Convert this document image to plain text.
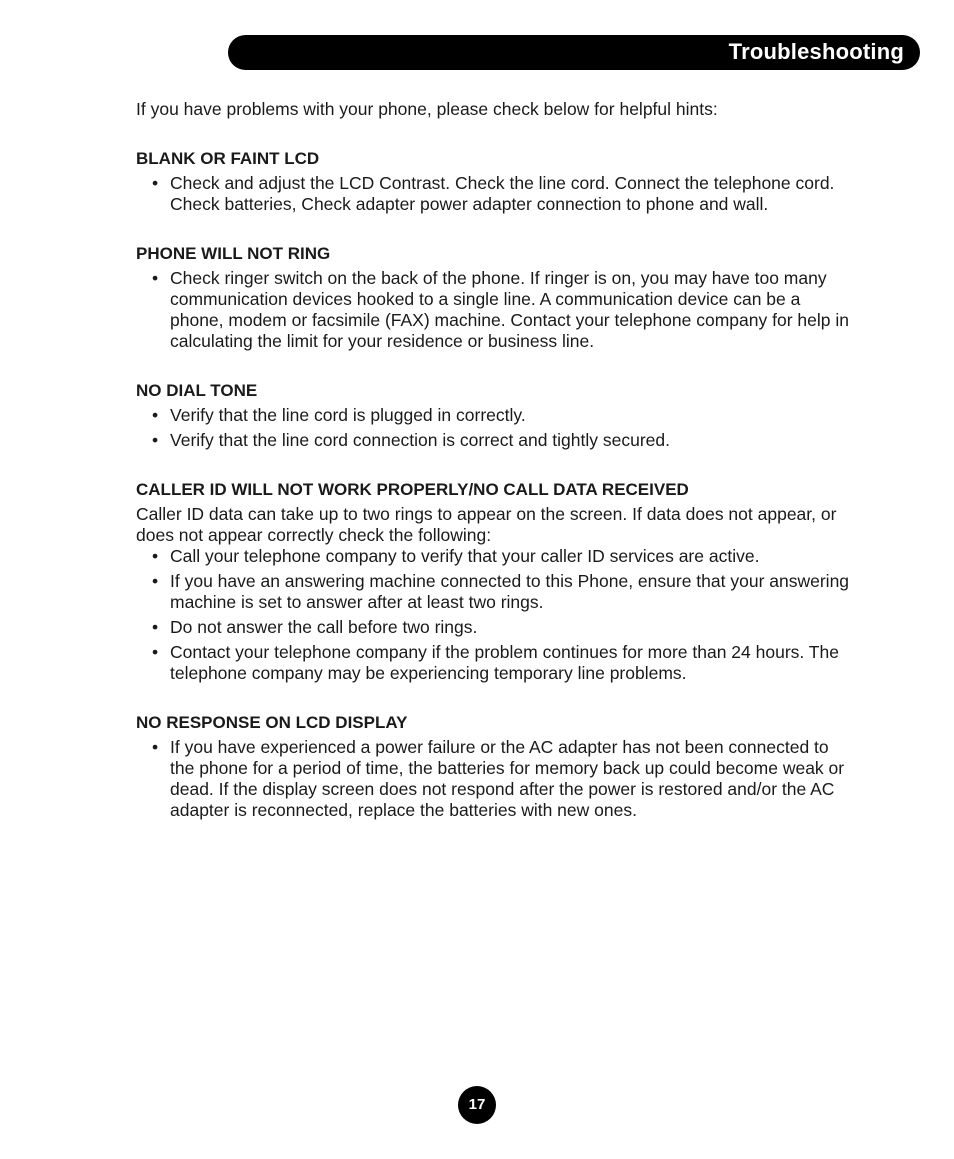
Troubleshooting

If you have problems with your phone, please check below for helpful hints:

BLANK OR FAINT LCD
• Check and adjust the LCD Contrast. Check the line cord. Connect the telephone cord. Check batteries, Check adapter power adapter connection to phone and wall.
PHONE WILL NOT RING
• Check ringer switch on the back of the phone. If ringer is on, you may have too many communication devices hooked to a single line. A communication device can be a phone, modem or facsimile (FAX) machine. Contact your telephone company for help in calculating the limit for your residence or business line.
NO DIAL TONE
• Verify that the line cord is plugged in correctly.
• Verify that the line cord connection is correct and tightly secured.
CALLER ID WILL NOT WORK PROPERLY/NO CALL DATA RECEIVED

Caller ID data can take up to two rings to appear on the screen. If data does not appear, or does not appear correctly check the following:

• Call your telephone company to verify that your caller ID services are active.
• If you have an answering machine connected to this Phone, ensure that your answering machine is set to answer after at least two rings.
• Do not answer the call before two rings.
• Contact your telephone company if the problem continues for more than 24 hours. The telephone company may be experiencing temporary line problems.
NO RESPONSE ON LCD DISPLAY
• If you have experienced a power failure or the AC adapter has not been connected to the phone for a period of time, the batteries for memory back up could become weak or dead. If the display screen does not respond after the power is restored and/or the AC adapter is reconnected, replace the batteries with new ones.
17
